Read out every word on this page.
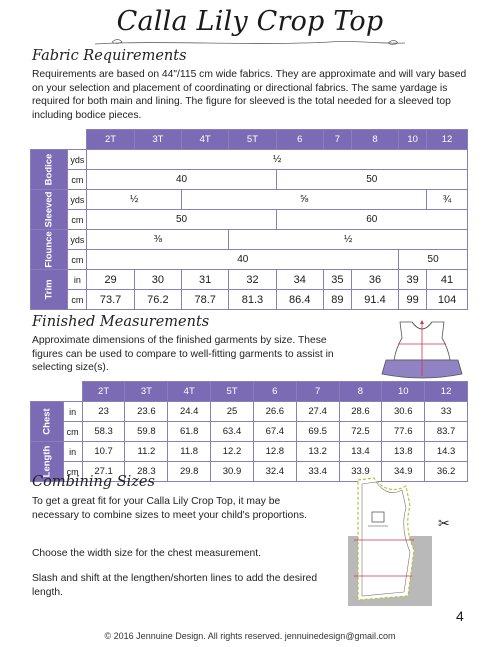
Calla Lily Crop Top
Fabric Requirements
Requirements are based on 44"/115 cm wide fabrics. They are approximate and will vary based on your selection and placement of coordinating or directional fabrics. The same yardage is required for both main and lining. The figure for sleeved is the total needed for a sleeved top including bodice pieces.
		2T	3T	4T	5T	6	7	8	10	12
Bodice	yds	½								
	cm	40				50				
Sleeved	yds	½		⅝						¾
	cm	50				60				
Flounce	yds	⅜			½					
	cm	40							50	
Trim	in	29	30	31	32	34	35	36	39	41
	cm	73.7	76.2	78.7	81.3	86.4	89	91.4	99	104
Finished Measurements
Approximate dimensions of the finished garments by size. These figures can be used to compare to well-fitting garments to assist in selecting size(s).
		2T	3T	4T	5T	6	7	8	10	12
Chest	in	23	23.6	24.4	25	26.6	27.4	28.6	30.6	33
	cm	58.3	59.8	61.8	63.4	67.4	69.5	72.5	77.6	83.7
Length	in	10.7	11.2	11.8	12.2	12.8	13.2	13.4	13.8	14.3
	cm	27.1	28.3	29.8	30.9	32.4	33.4	33.9	34.9	36.2
Combining Sizes
To get a great fit for your Calla Lily Crop Top, it may be necessary to combine sizes to meet your child's proportions.
Choose the width size for the chest measurement.
Slash and shift at the lengthen/shorten lines to add the desired length.
✂
4
© 2016 Jennuine Design. All rights reserved. jennuinedesign@gmail.com
